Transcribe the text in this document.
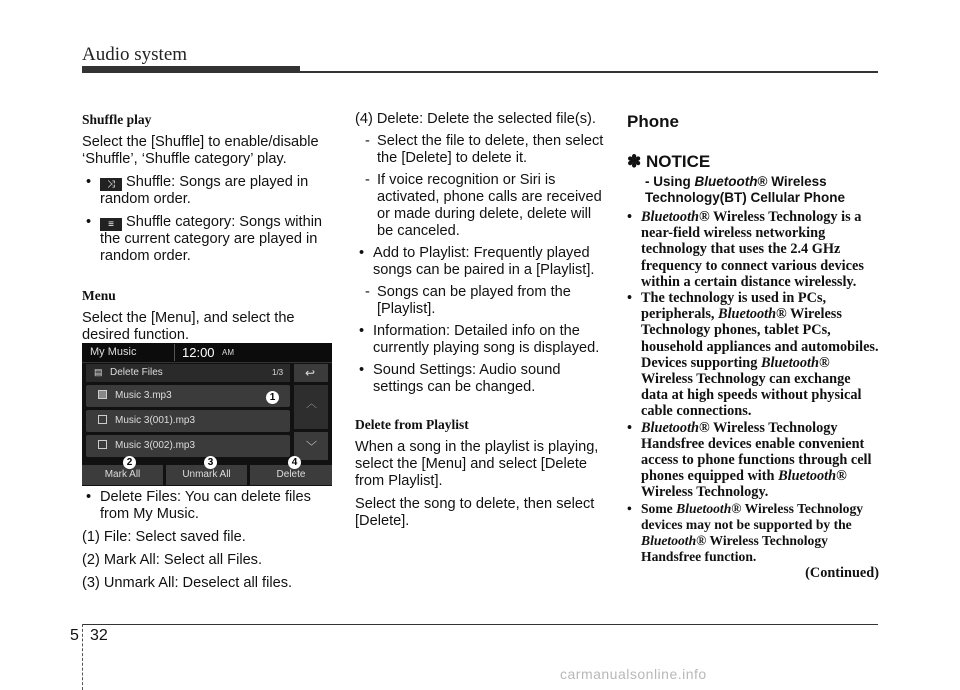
Audio system

Shuffle play

Select the [Shuffle] to enable/disable ‘Shuffle’, ‘Shuffle category’ play.

• ⤨ Shuffle: Songs are played in random order.

• ≡ Shuffle category: Songs within the current category are played in random order.

Menu

Select the [Menu], and select the desired function.

My Music	12:00 AM
▤ Delete Files	1/3 ↩
Music 3.mp3
Music 3(001).mp3
Music 3(002).mp3
︿
﹀
1
Mark All	Unmark All	Delete
2	3	4

• Delete Files: You can delete files from My Music.

(1) File: Select saved file.

(2) Mark All: Select all Files.

(3) Unmark All: Deselect all files.

(4) Delete: Delete the selected file(s).

- Select the file to delete, then select the [Delete] to delete it.

- If voice recognition or Siri is activated, phone calls are received or made during delete, delete will be canceled.

• Add to Playlist: Frequently played songs can be paired in a [Playlist].

- Songs can be played from the [Playlist].

• Information: Detailed info on the currently playing song is displayed.

• Sound Settings: Audio sound settings can be changed.

Delete from Playlist

When a song in the playlist is playing, select the [Menu] and select [Delete from Playlist].

Select the song to delete, then select [Delete].

Phone
✽ NOTICE
- Using Bluetooth® Wireless Technology(BT) Cellular Phone

• Bluetooth® Wireless Technology is a near-field wireless networking technology that uses the 2.4 GHz frequency to connect various devices within a certain distance wirelessly.

• The technology is used in PCs, peripherals, Bluetooth® Wireless Technology phones, tablet PCs, household appliances and automobiles. Devices supporting Bluetooth® Wireless Technology can exchange data at high speeds without physical cable connections.

• Bluetooth® Wireless Technology Handsfree devices enable convenient access to phone functions through cell phones equipped with Bluetooth® Wireless Technology.

• Some Bluetooth® Wireless Technology devices may not be supported by the Bluetooth® Wireless Technology Handsfree function.

(Continued)

5 32
carmanualsonline.info
